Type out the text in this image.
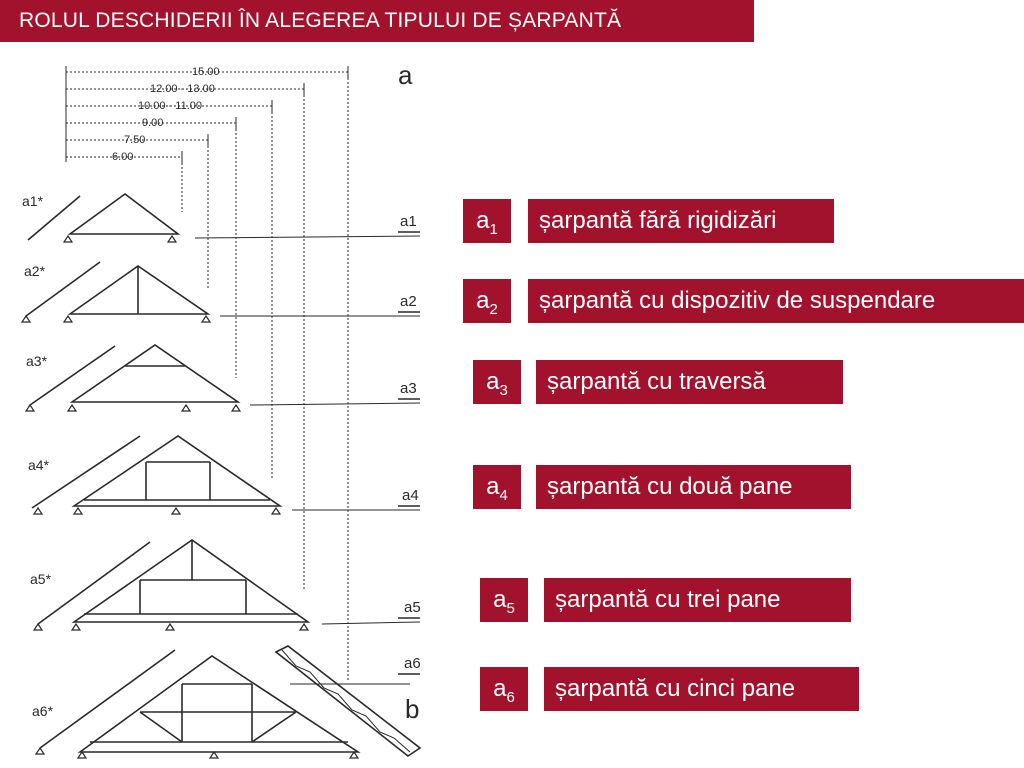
ROLUL DESCHIDERII ÎN ALEGEREA TIPULUI DE ȘARPANTĂ
15.00
12.00 - 13.00
10.00 - 11.00
9.00
7.50
6.00
a
b
a1*
a2*
a3*
a4*
a5*
a6*
a1
a2
a3
a4
a5
a6
$a_1$	șarpantă fără rigidizări
$a_2$	șarpantă cu dispozitiv de suspendare
$a_3$	șarpantă cu traversă
$a_4$	șarpantă cu două pane
$a_5$	șarpantă cu trei pane
$a_6$	șarpantă cu cinci pane
